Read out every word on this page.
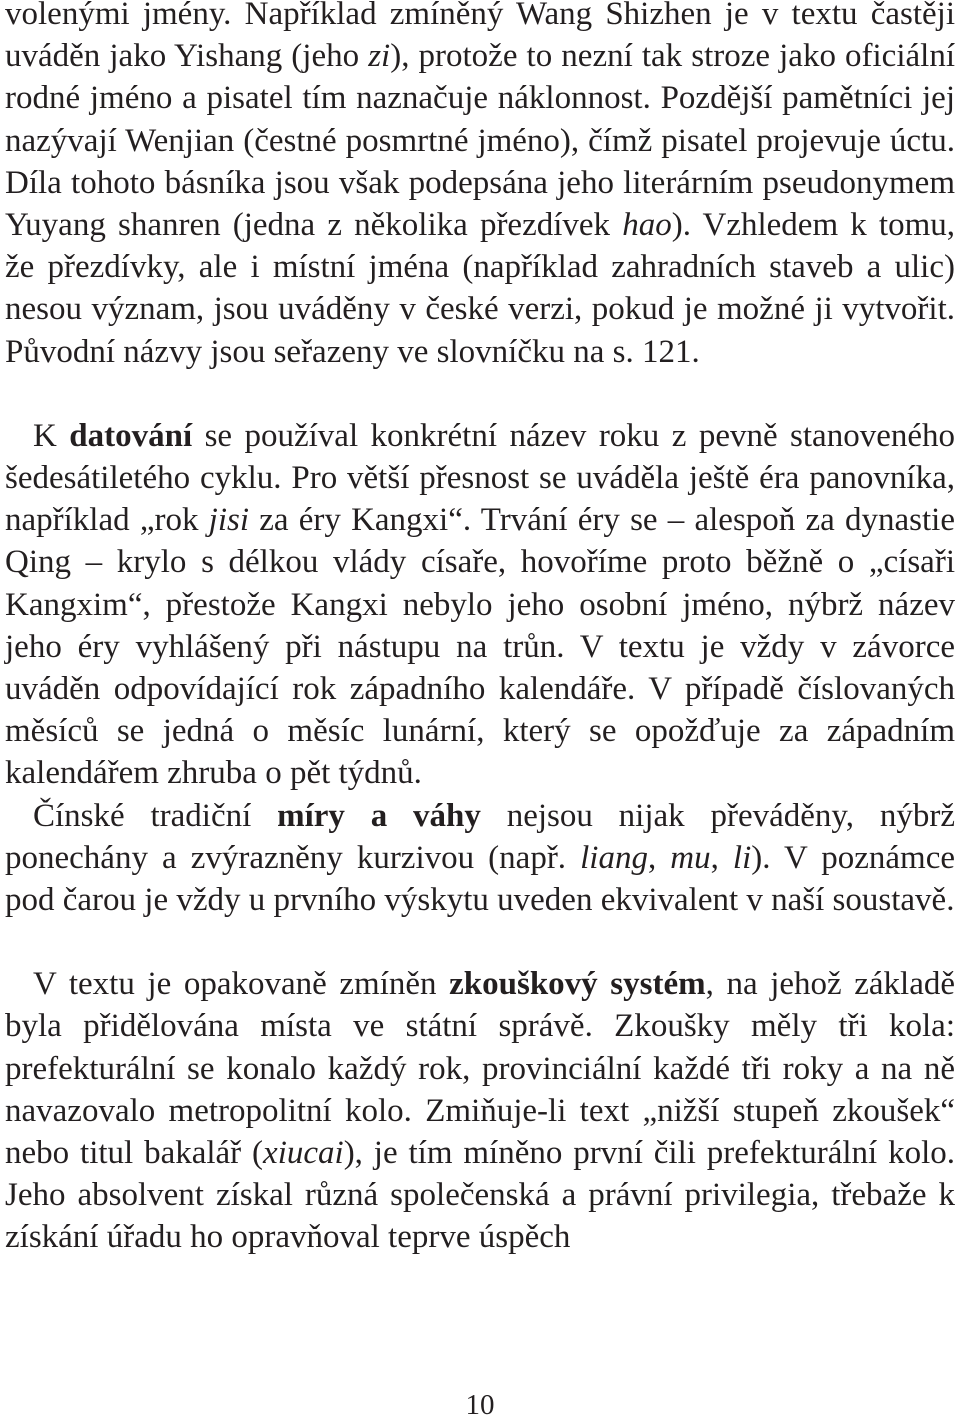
volenými jmény. Například zmíněný Wang Shizhen je v textu častěji uváděn jako Yishang (jeho zi), protože to nezní tak stroze jako oficiální rodné jméno a pisatel tím naznačuje náklonnost. Pozdější pamětníci jej nazývají Wenjian (čestné posmrtné jméno), čímž pisatel projevuje úctu. Díla tohoto básníka jsou však podepsána jeho literárním pseudonymem Yuyang shanren (jedna z několika přezdívek hao). Vzhledem k tomu, že přezdívky, ale i místní jména (například zahradních staveb a ulic) nesou význam, jsou uváděny v české verzi, pokud je možné ji vytvořit. Původní názvy jsou seřazeny ve slovníčku na s. 121.

K datování se používal konkrétní název roku z pevně stanoveného šedesátiletého cyklu. Pro větší přesnost se uváděla ještě éra panovníka, například „rok jisi za éry Kangxi“. Trvání éry se – alespoň za dynastie Qing – krylo s délkou vlády císaře, hovoříme proto běžně o „císaři Kangxim“, přestože Kangxi nebylo jeho osobní jméno, nýbrž název jeho éry vyhlášený při nástupu na trůn. V textu je vždy v závorce uváděn odpovídající rok západního kalendáře. V případě číslovaných měsíců se jedná o měsíc lunární, který se opožďuje za západním kalendářem zhruba o pět týdnů.

Čínské tradiční míry a váhy nejsou nijak převáděny, nýbrž ponechány a zvýrazněny kurzivou (např. liang, mu, li). V poznámce pod čarou je vždy u prvního výskytu uveden ekvivalent v naší soustavě.

V textu je opakovaně zmíněn zkouškový systém, na jehož základě byla přidělována místa ve státní správě. Zkoušky měly tři kola: prefekturální se konalo každý rok, provinciální každé tři roky a na ně navazovalo metropolitní kolo. Zmiňuje-li text „nižší stupeň zkoušek“ nebo titul bakalář (xiucai), je tím míněno první čili prefekturální kolo. Jeho absolvent získal různá společenská a právní privilegia, třebaže k získání úřadu ho opravňoval teprve úspěch

10
